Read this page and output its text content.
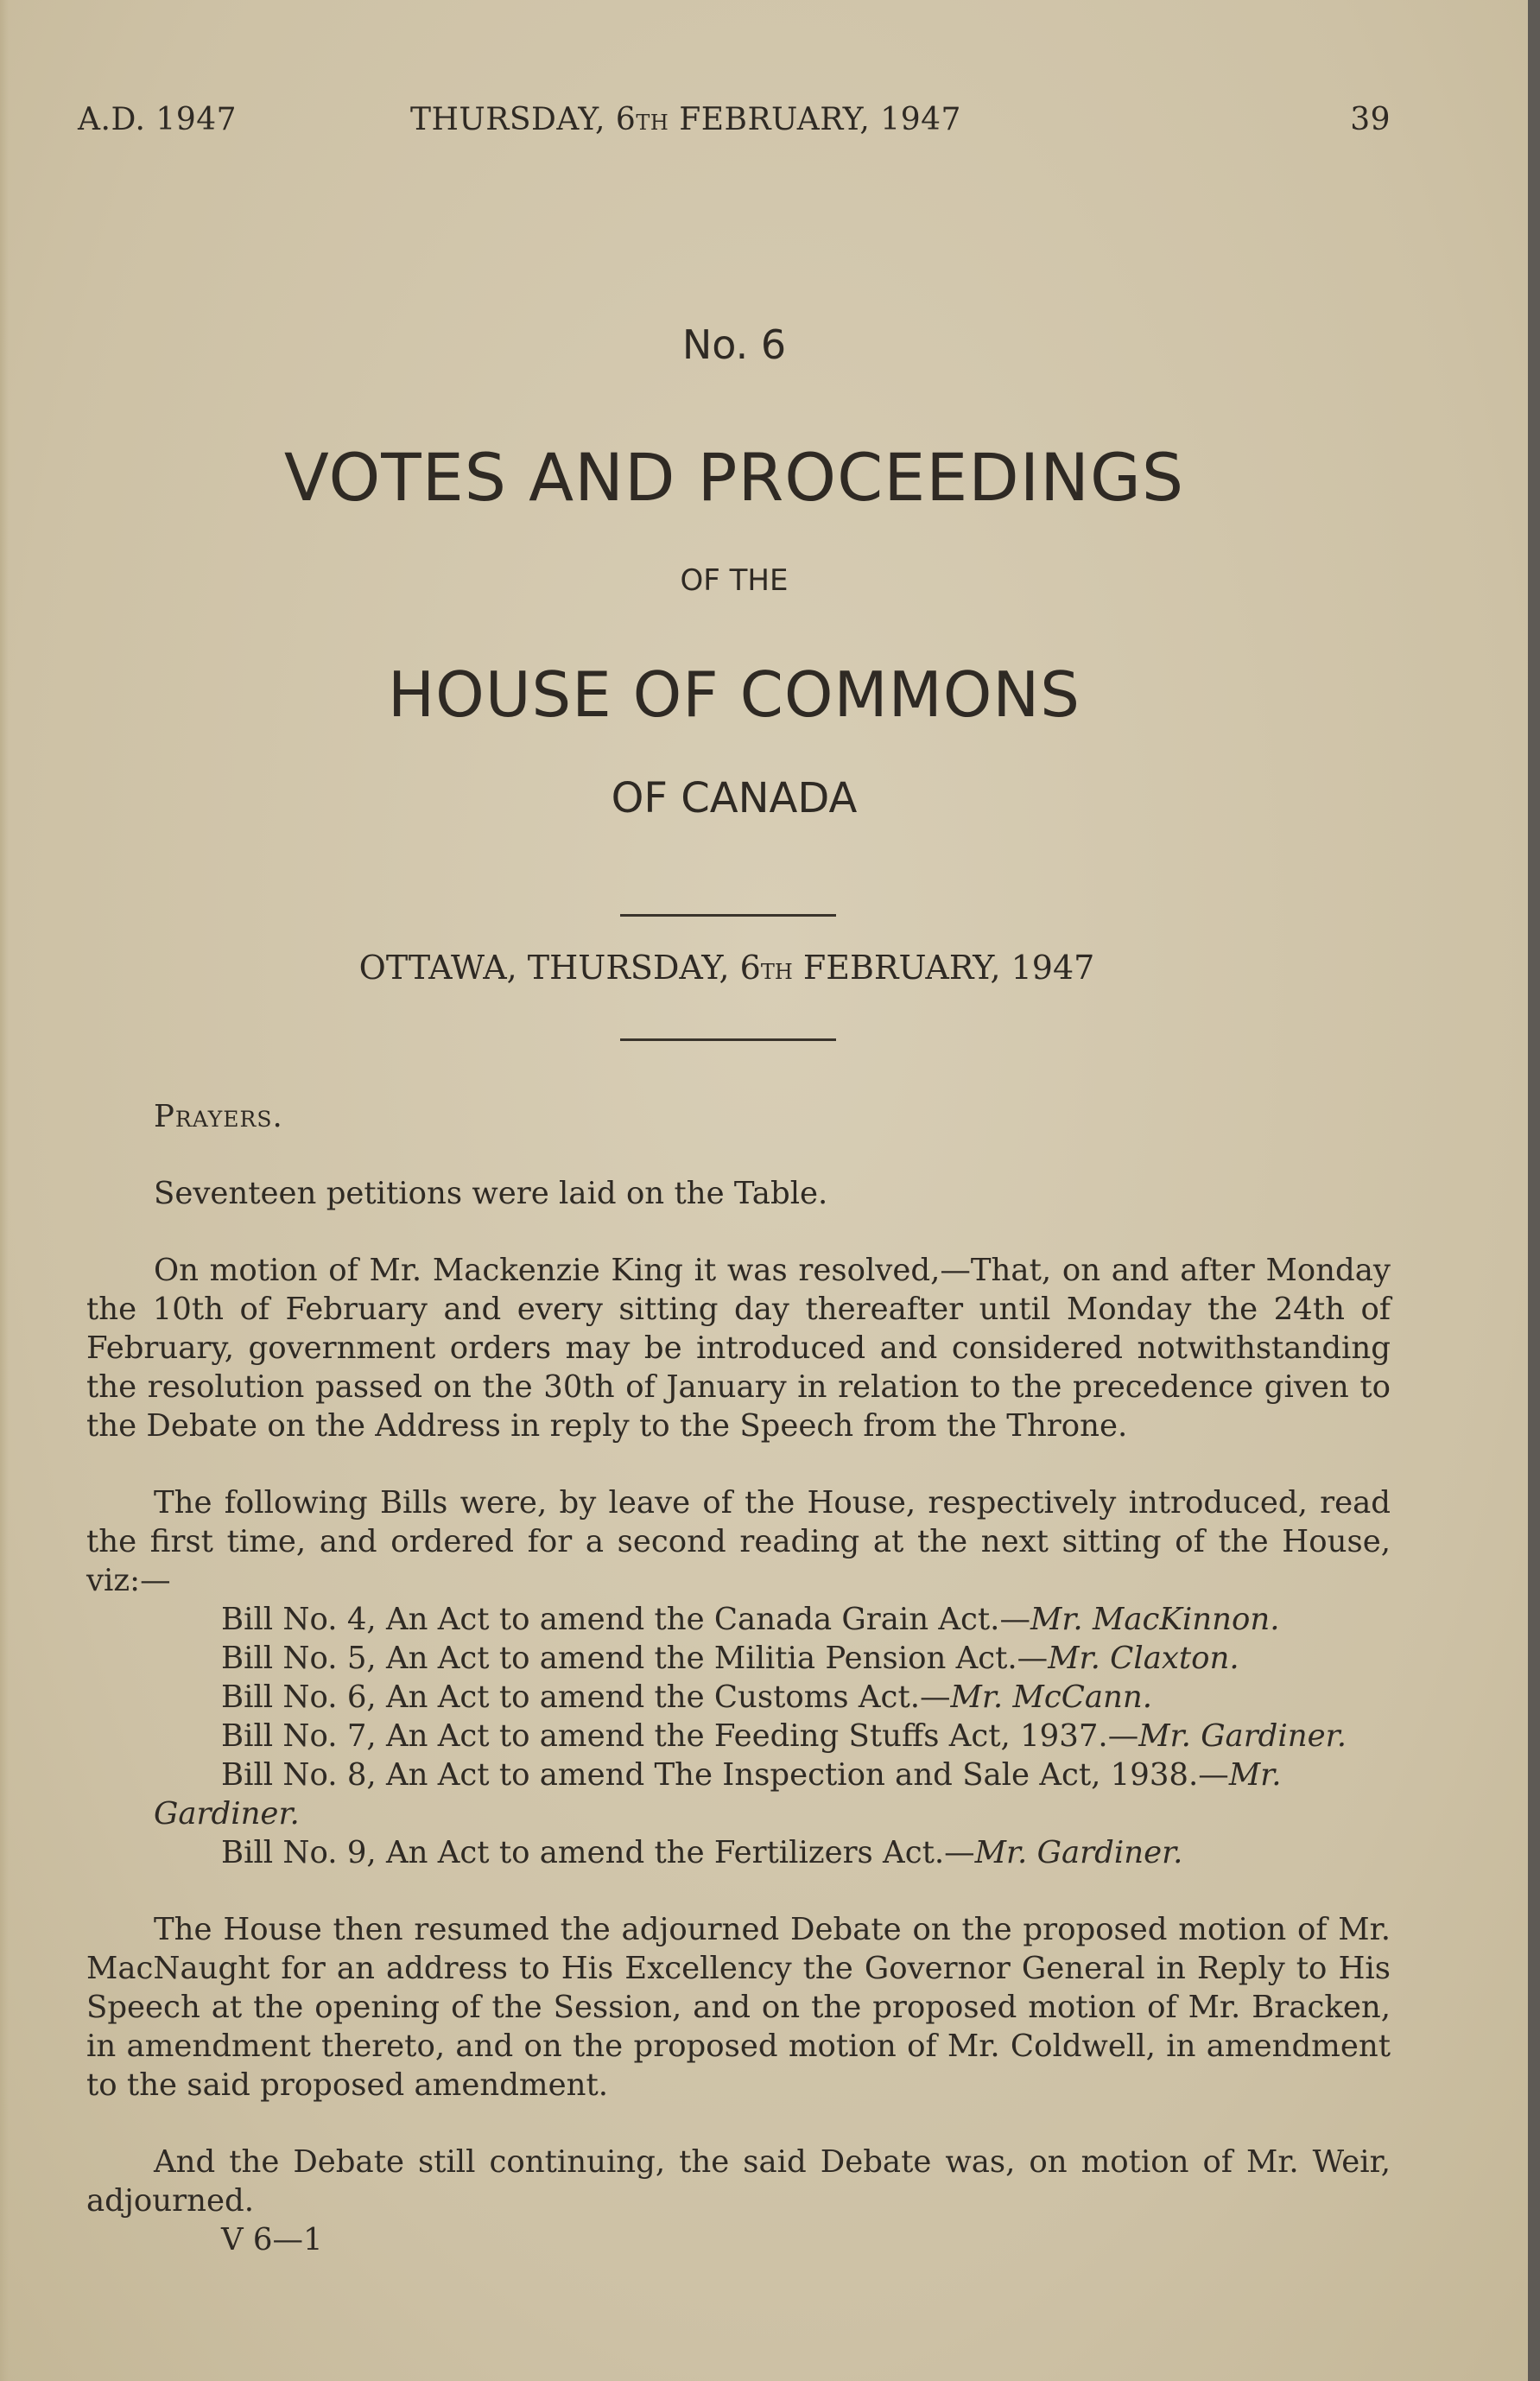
A.D. 1947	THURSDAY, 6TH FEBRUARY, 1947	39
No. 6
VOTES AND PROCEEDINGS
OF THE
HOUSE OF COMMONS
OF CANADA
OTTAWA, THURSDAY, 6TH FEBRUARY, 1947

Prayers.

Seventeen petitions were laid on the Table.

On motion of Mr. Mackenzie King it was resolved,—That, on and after Monday the 10th of February and every sitting day thereafter until Monday the 24th of February, government orders may be introduced and considered notwithstanding the resolution passed on the 30th of January in relation to the precedence given to the Debate on the Address in reply to the Speech from the Throne.

The following Bills were, by leave of the House, respectively introduced, read the first time, and ordered for a second reading at the next sitting of the House, viz:—

Bill No. 4, An Act to amend the Canada Grain Act.—Mr. MacKinnon.

Bill No. 5, An Act to amend the Militia Pension Act.—Mr. Claxton.

Bill No. 6, An Act to amend the Customs Act.—Mr. McCann.

Bill No. 7, An Act to amend the Feeding Stuffs Act, 1937.—Mr. Gardiner.

Bill No. 8, An Act to amend The Inspection and Sale Act, 1938.—Mr.
Gardiner.

Bill No. 9, An Act to amend the Fertilizers Act.—Mr. Gardiner.

The House then resumed the adjourned Debate on the proposed motion of Mr. MacNaught for an address to His Excellency the Governor General in Reply to His Speech at the opening of the Session, and on the proposed motion of Mr. Bracken, in amendment thereto, and on the proposed motion of Mr. Coldwell, in amendment to the said proposed amendment.

And the Debate still continuing, the said Debate was, on motion of Mr. Weir, adjourned.

V 6—1
